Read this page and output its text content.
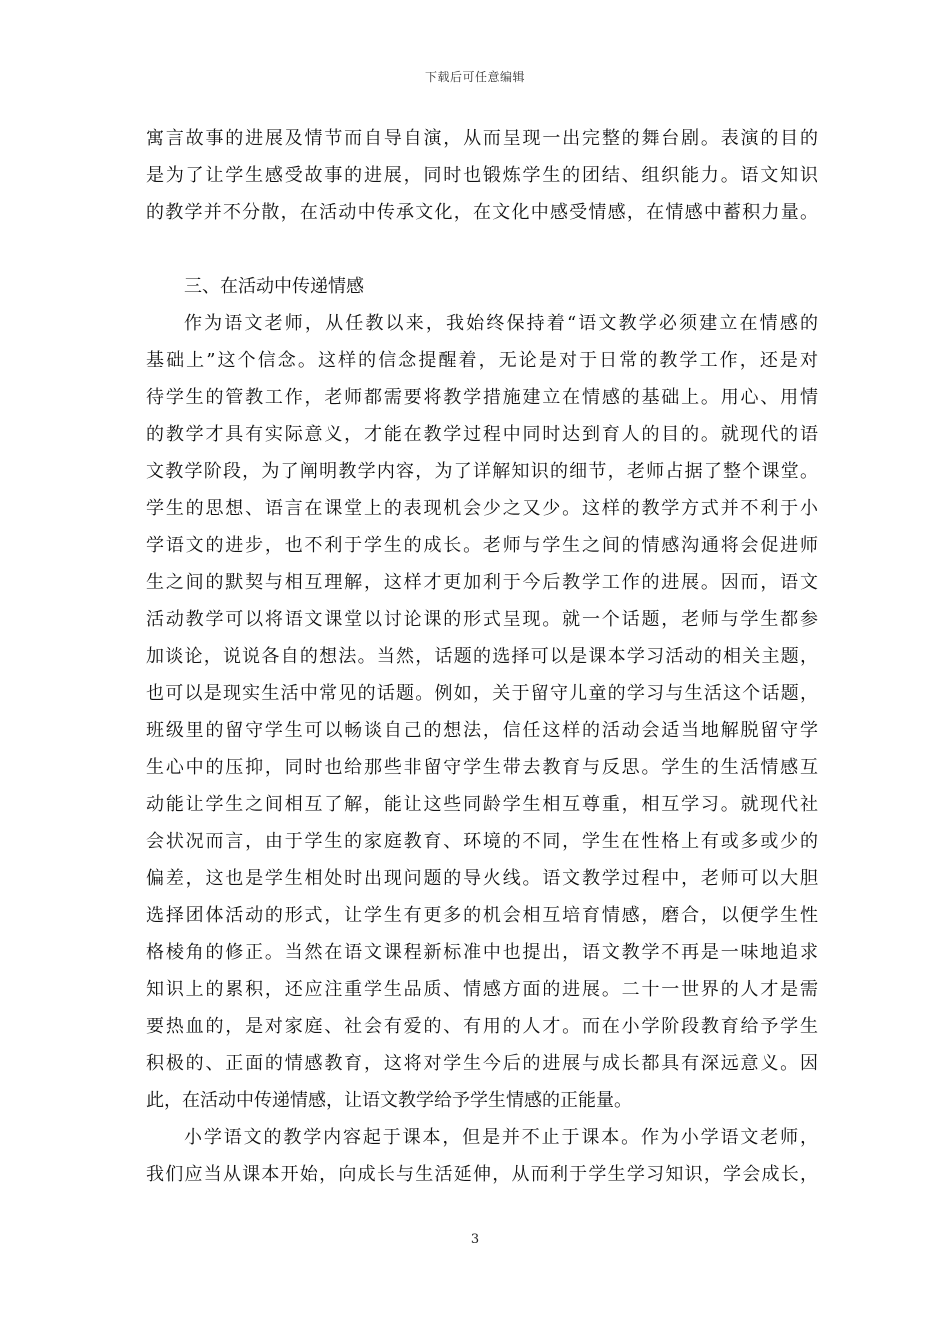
下载后可任意编辑
寓言故事的进展及情节而自导自演，从而呈现一出完整的舞台剧。表演的目的
是为了让学生感受故事的进展，同时也锻炼学生的团结、组织能力。语文知识
的教学并不分散，在活动中传承文化，在文化中感受情感，在情感中蓄积力量。
三、在活动中传递情感
作为语文老师，从任教以来，我始终保持着“语文教学必须建立在情感的
基础上”这个信念。这样的信念提醒着，无论是对于日常的教学工作，还是对
待学生的管教工作，老师都需要将教学措施建立在情感的基础上。用心、用情
的教学才具有实际意义，才能在教学过程中同时达到育人的目的。就现代的语
文教学阶段，为了阐明教学内容，为了详解知识的细节，老师占据了整个课堂。
学生的思想、语言在课堂上的表现机会少之又少。这样的教学方式并不利于小
学语文的进步，也不利于学生的成长。老师与学生之间的情感沟通将会促进师
生之间的默契与相互理解，这样才更加利于今后教学工作的进展。因而，语文
活动教学可以将语文课堂以讨论课的形式呈现。就一个话题，老师与学生都参
加谈论，说说各自的想法。当然，话题的选择可以是课本学习活动的相关主题，
也可以是现实生活中常见的话题。例如，关于留守儿童的学习与生活这个话题，
班级里的留守学生可以畅谈自己的想法，信任这样的活动会适当地解脱留守学
生心中的压抑，同时也给那些非留守学生带去教育与反思。学生的生活情感互
动能让学生之间相互了解，能让这些同龄学生相互尊重，相互学习。就现代社
会状况而言，由于学生的家庭教育、环境的不同，学生在性格上有或多或少的
偏差，这也是学生相处时出现问题的导火线。语文教学过程中，老师可以大胆
选择团体活动的形式，让学生有更多的机会相互培育情感，磨合，以便学生性
格棱角的修正。当然在语文课程新标准中也提出，语文教学不再是一味地追求
知识上的累积，还应注重学生品质、情感方面的进展。二十一世界的人才是需
要热血的，是对家庭、社会有爱的、有用的人才。而在小学阶段教育给予学生
积极的、正面的情感教育，这将对学生今后的进展与成长都具有深远意义。因
此，在活动中传递情感，让语文教学给予学生情感的正能量。
小学语文的教学内容起于课本，但是并不止于课本。作为小学语文老师，
我们应当从课本开始，向成长与生活延伸，从而利于学生学习知识，学会成长，
3
